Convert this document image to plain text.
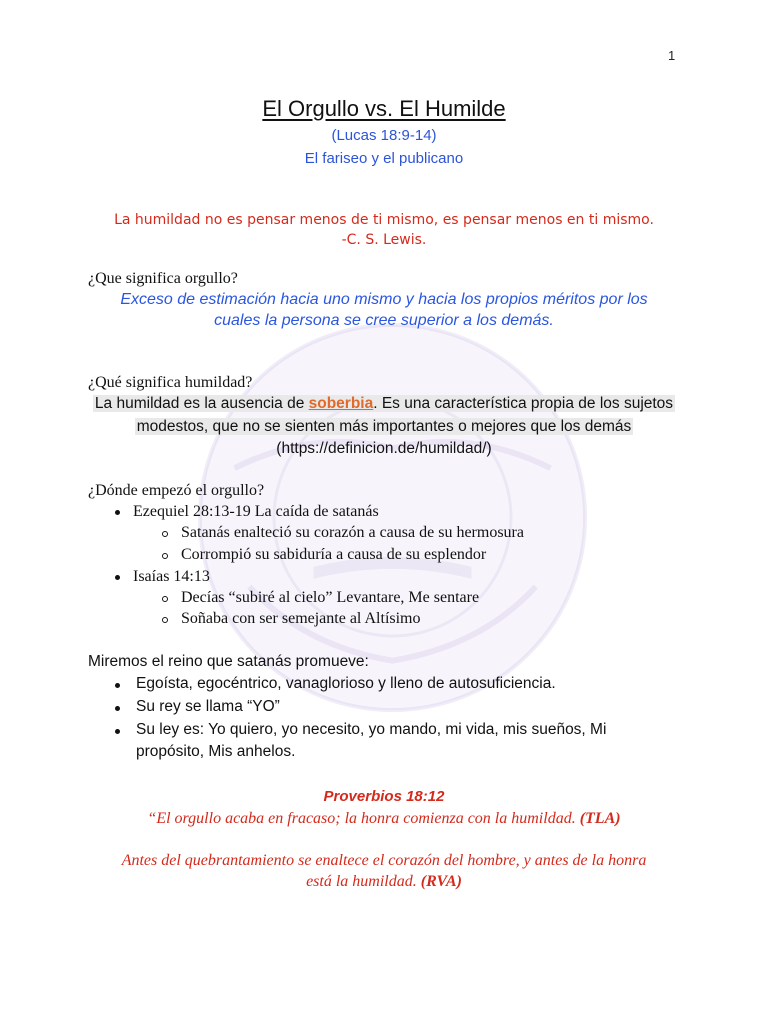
1
El Orgullo vs. El Humilde
(Lucas 18:9-14)
El fariseo y el publicano
La humildad no es pensar menos de ti mismo, es pensar menos en ti mismo.
-C. S. Lewis.
¿Que significa orgullo?
Exceso de estimación hacia uno mismo y hacia los propios méritos por los
cuales la persona se cree superior a los demás.
¿Qué significa humildad?
La humildad es la ausencia de soberbia. Es una característica propia de los sujetos
modestos, que no se sienten más importantes o mejores que los demás
(https://definicion.de/humildad/)
¿Dónde empezó el orgullo?
Ezequiel 28:13-19 La caída de satanás
Satanás enalteció su corazón a causa de su hermosura
Corrompió su sabiduría a causa de su esplendor
Isaías 14:13
Decías “subiré al cielo” Levantare, Me sentare
Soñaba con ser semejante al Altísimo
Miremos el reino que satanás promueve:
Egoísta, egocéntrico, vanaglorioso y lleno de autosuficiencia.
Su rey se llama “YO”
Su ley es: Yo quiero, yo necesito, yo mando, mi vida, mis sueños, Mi
propósito, Mis anhelos.
Proverbios 18:12
“El orgullo acaba en fracaso; la honra comienza con la humildad. (TLA)
Antes del quebrantamiento se enaltece el corazón del hombre, y antes de la honra
está la humildad. (RVA)
